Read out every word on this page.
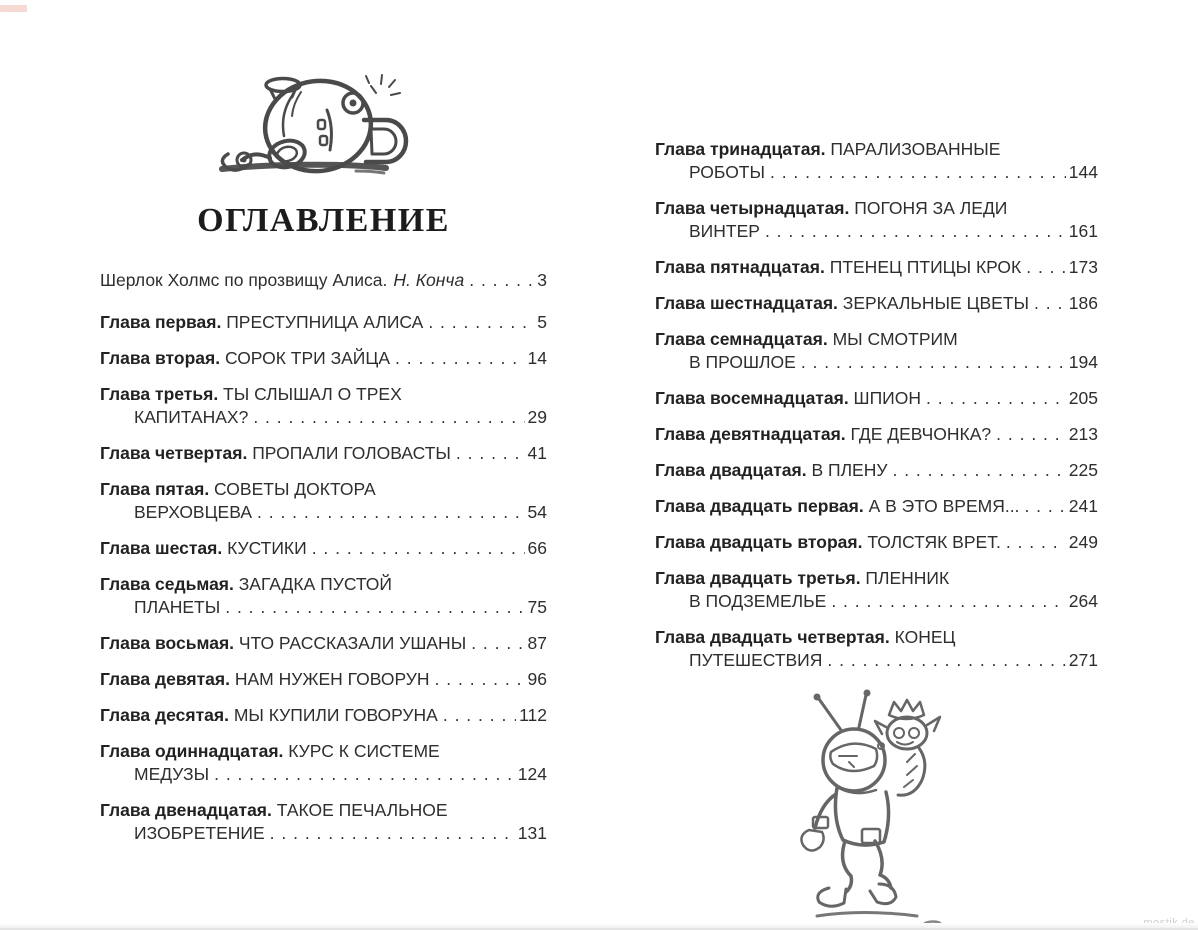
ОГЛАВЛЕНИЕ
Шерлок Холмс по прозвищу Алиса. Н. Конча . . .	3
Глава первая. ПРЕСТУПНИЦА АЛИСА . . .	5
Глава вторая. СОРОК ТРИ ЗАЙЦА . . .	14
Глава третья. ТЫ СЛЫШАЛ О ТРЕХ
КАПИТАНАХ? . . .	29
Глава четвертая. ПРОПАЛИ ГОЛОВАСТЫ . . .	41
Глава пятая. СОВЕТЫ ДОКТОРА
ВЕРХОВЦЕВА . . .	54
Глава шестая. КУСТИКИ . . .	66
Глава седьмая. ЗАГАДКА ПУСТОЙ
ПЛАНЕТЫ . . .	75
Глава восьмая. ЧТО РАССКАЗАЛИ УШАНЫ . . .	87
Глава девятая. НАМ НУЖЕН ГОВОРУН . . .	96
Глава десятая. МЫ КУПИЛИ ГОВОРУНА . . .	112
Глава одиннадцатая. КУРС К СИСТЕМЕ
МЕДУЗЫ . . .	124
Глава двенадцатая. ТАКОЕ ПЕЧАЛЬНОЕ
ИЗОБРЕТЕНИЕ . . .	131
Глава тринадцатая. ПАРАЛИЗОВАННЫЕ
РОБОТЫ . . .	144
Глава четырнадцатая. ПОГОНЯ ЗА ЛЕДИ
ВИНТЕР . . .	161
Глава пятнадцатая. ПТЕНЕЦ ПТИЦЫ КРОК . . .	173
Глава шестнадцатая. ЗЕРКАЛЬНЫЕ ЦВЕТЫ . . . 186
Глава семнадцатая. МЫ СМОТРИМ
В ПРОШЛОЕ . . .	194
Глава восемнадцатая. ШПИОН . . .	205
Глава девятнадцатая. ГДЕ ДЕВЧОНКА? . . .	213
Глава двадцатая. В ПЛЕНУ . . .	225
Глава двадцать первая. А В ЭТО ВРЕМЯ... . . .	241
Глава двадцать вторая. ТОЛСТЯК ВРЕТ. . . .	249
Глава двадцать третья. ПЛЕННИК
В ПОДЗЕМЕЛЬЕ . . .	264
Глава двадцать четвертая. КОНЕЦ
ПУТЕШЕСТВИЯ . . .	271
